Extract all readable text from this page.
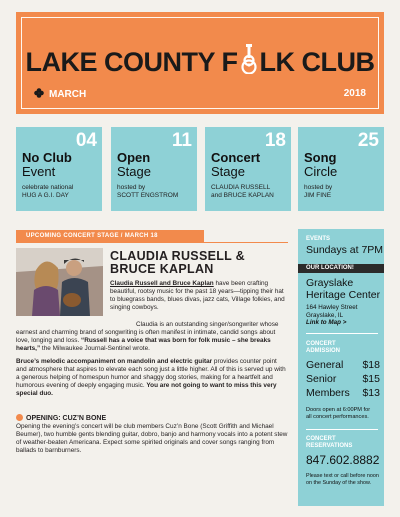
LAKE COUNTY F LK CLUB
MARCH	2018
04
No Club
Event
celebrate national
HUG A G.I. DAY
11
Open
Stage
hosted by
SCOTT ENGSTROM
18
Concert
Stage
CLAUDIA RUSSELL
and BRUCE KAPLAN
25
Song
Circle
hosted by
JIM FINE
UPCOMING CONCERT STAGE / MARCH 18
CLAUDIA RUSSELL &
BRUCE KAPLAN
Claudia Russell and Bruce Kaplan have been crafting beautiful, rootsy music for the past 18 years—tipping their hat to bluegrass bands, blues divas, jazz cats, Village folkies, and singing cowboys.
Claudia is an outstanding singer/songwriter whose earnest and charming brand of songwriting is often manifest in intimate, candid songs about love, longing and loss. “Russell has a voice that was born for folk music – she breaks hearts,” the Milwaukee Journal-Sentinel wrote.
Bruce’s melodic accompaniment on mandolin and electric guitar provides counter point and atmosphere that aspires to elevate each song just a little higher. All of this is served up with a generous helping of homespun humor and shaggy dog stories, making for a heartfelt and humorous evening of deeply engaging music. You are not going to want to miss this very special duo.
OPENING: CUZ’N BONE
Opening the evening’s concert will be club members Cuz’n Bone (Scott Griffith and Michael Beumer), two humble gents blending guitar, dobro, banjo and harmony vocals into a potent stew of weather-beaten Americana. Expect some spirited originals and cover songs ranging from ballads to barnburners.
EVENTS
Sundays at 7PM
OUR LOCATION!
Grayslake
Heritage Center
164 Hawley Street
Grayslake, IL
Link to Map >
CONCERT
ADMISSION
General $18
Senior $15
Members $13
Doors open at 6:00PM for
all concert performances.
CONCERT
RESERVATIONS
847.602.8882
Please text or call before noon
on the Sunday of the show.
